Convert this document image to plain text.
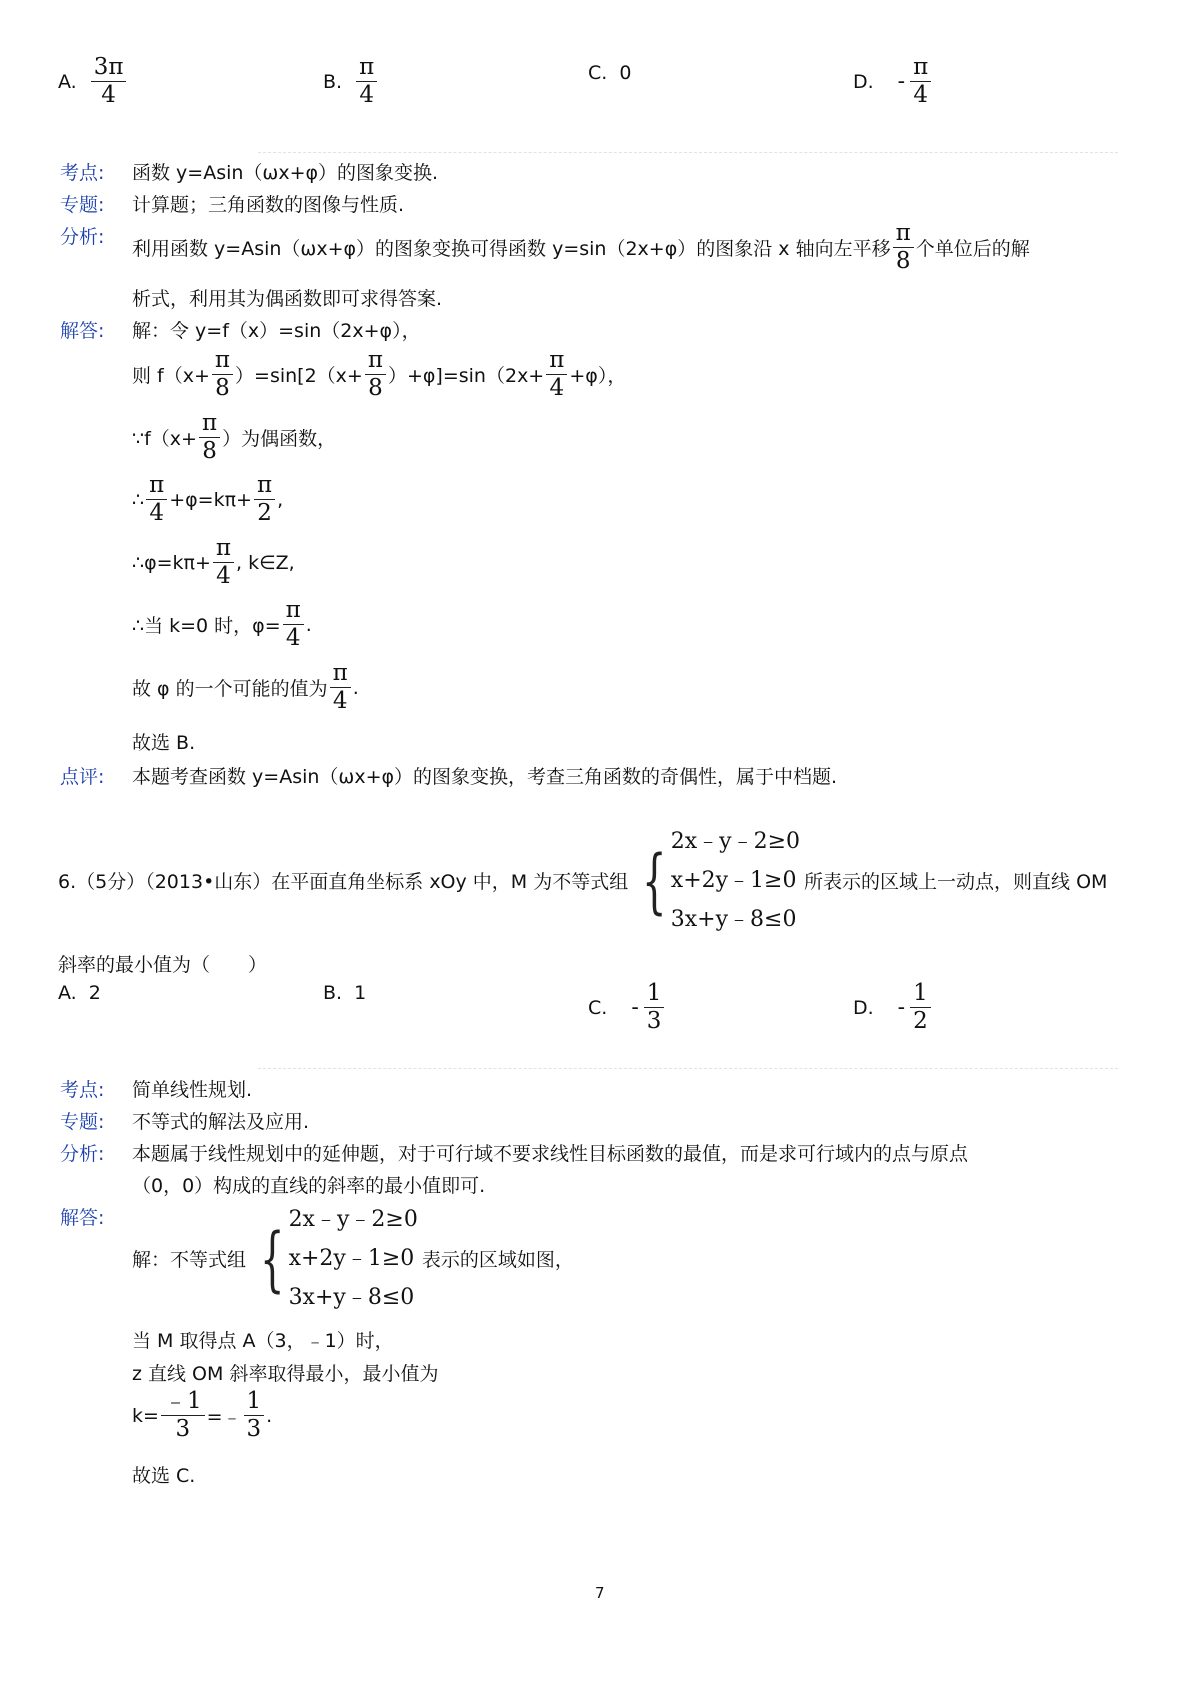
A. $\frac{3\pi}{4}$	B. $\frac{\pi}{4}$	C. 0	D. - $\frac{\pi}{4}$
考点: 函数 y=Asin（ωx+φ）的图象变换.
专题: 计算题；三角函数的图像与性质.
分析:
利用函数 y=Asin（ωx+φ）的图象变换可得函数 y=sin（2x+φ）的图象沿 x 轴向左平移 $\frac{\pi}{8}$ 个单位后的解
析式，利用其为偶函数即可求得答案.
解答: 解：令 y=f（x）=sin（2x+φ），
则 $f(x+ \frac{\pi}{8} )=\sin[2(x+ \frac{\pi}{8} )+\varphi]=\sin(2x+ \frac{\pi}{4} +\varphi)$，
∵f（x+ $\frac{\pi}{8}$ ）为偶函数，
∴ $\frac{\pi}{4} +\varphi=k\pi+ \frac{\pi}{2}$ ,
∴φ=kπ+ $\frac{\pi}{4}$ , k∈Z,
∴当 k=0 时，$\varphi= \frac{\pi}{4}$ .
故 φ 的一个可能的值为 $\frac{\pi}{4}$ .
故选 B.
点评: 本题考查函数 y=Asin（ωx+φ）的图象变换，考查三角函数的奇偶性，属于中档题.
6.（5分）（2013•山东）在平面直角坐标系 xOy 中，M 为不等式组 { 2x﹣y﹣2≥0
x+2y﹣1≥0
3x+y﹣8≤0
所表示的区域上一动点，则直线 OM
斜率的最小值为（　　）
A. 2	B. 1
C. - $\frac{1}{3}$	D. - $\frac{1}{2}$
考点: 简单线性规划.
专题: 不等式的解法及应用.
分析: 本题属于线性规划中的延伸题，对于可行域不要求线性目标函数的最值，而是求可行域内的点与原点
（0，0）构成的直线的斜率的最小值即可.
解答:
解：不等式组 { 2x﹣y﹣2≥0
x+2y﹣1≥0
3x+y﹣8≤0
表示的区域如图，
当 M 取得点 A（3，﹣1）时，
z 直线 OM 斜率取得最小，最小值为
$k= \frac{﹣1}{3}$ =﹣ $\frac{1}{3}$ .
故选 C.
7
